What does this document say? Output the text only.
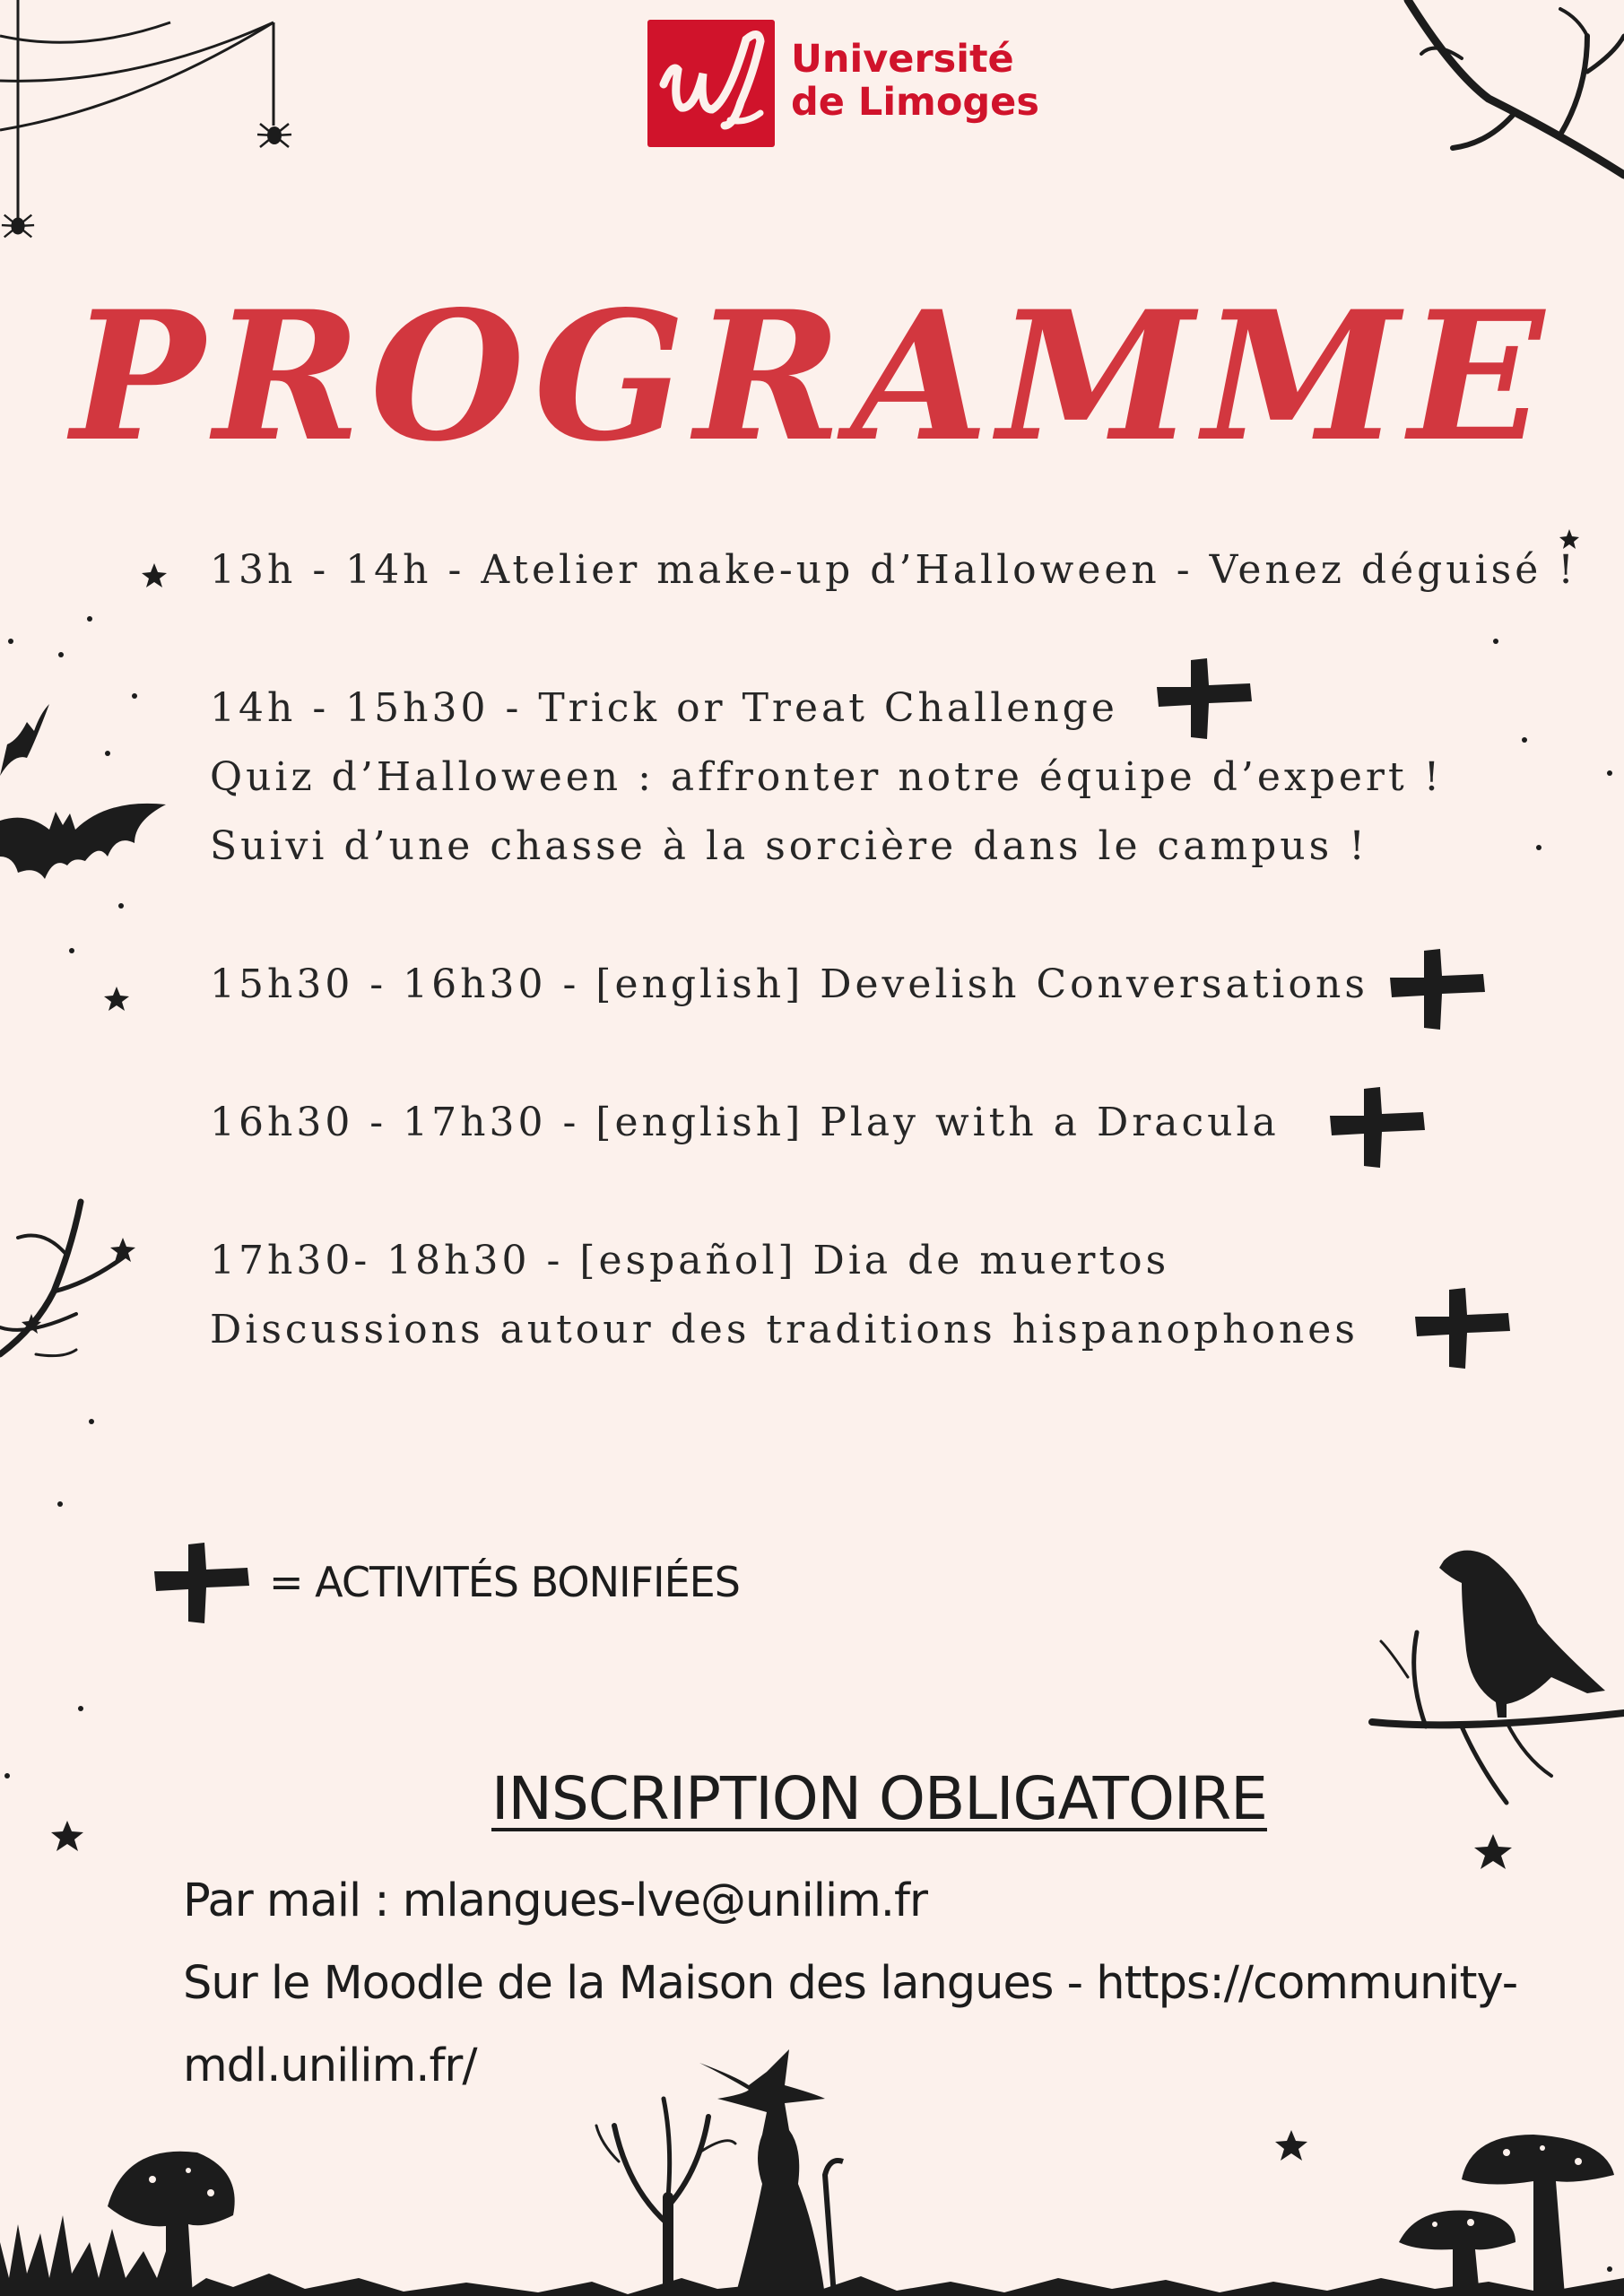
Université
de Limoges
PROGRAMME
13h - 14h - Atelier make-up d’Halloween - Venez déguisé !
14h - 15h30 - Trick or Treat Challenge
Quiz d’Halloween : affronter notre équipe d’expert !
Suivi d’une chasse à la sorcière dans le campus !
15h30 - 16h30 - [english] Develish Conversations
16h30 - 17h30 - [english] Play with a Dracula
17h30- 18h30 - [español] Dia de muertos
Discussions autour des traditions hispanophones
= ACTIVITÉS BONIFIÉES
INSCRIPTION OBLIGATOIRE
Par mail : mlangues-lve@unilim.fr
Sur le Moodle de la Maison des langues - https://community-
mdl.unilim.fr/
